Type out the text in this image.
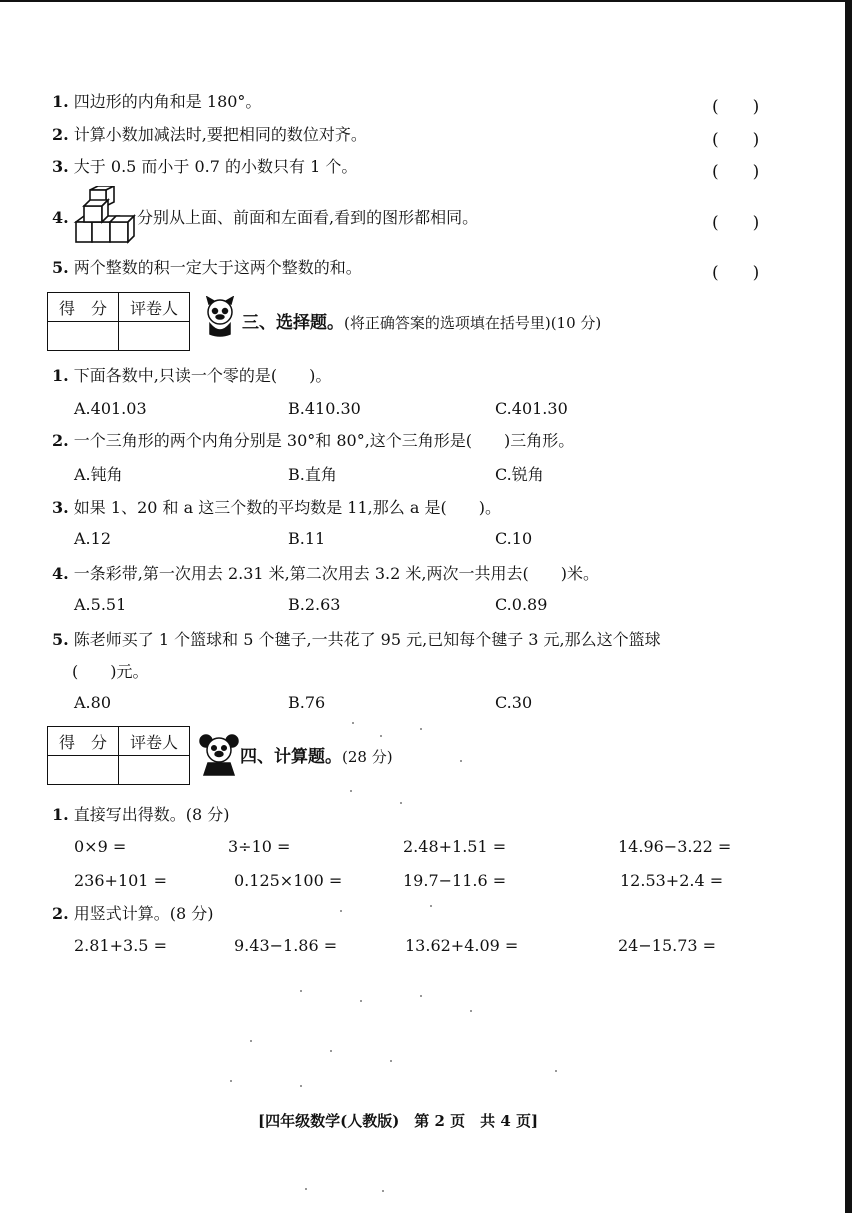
1. 四边形的内角和是 180°。	(　　)
2. 计算小数加减法时,要把相同的数位对齐。	(　　)
3. 大于 0.5 而小于 0.7 的小数只有 1 个。	(　　)
4.	分别从上面、前面和左面看,看到的图形都相同。	(　　)
5. 两个整数的积一定大于这两个整数的和。	(　　)
得　分	评卷人

三、选择题。(将正确答案的选项填在括号里)(10 分)
1. 下面各数中,只读一个零的是(　　)。
A.401.03	B.410.30	C.401.30
2. 一个三角形的两个内角分别是 30°和 80°,这个三角形是(　　)三角形。
A.钝角	B.直角	C.锐角
3. 如果 1、20 和 a 这三个数的平均数是 11,那么 a 是(　　)。
A.12	B.11	C.10
4. 一条彩带,第一次用去 2.31 米,第二次用去 3.2 米,两次一共用去(　　)米。
A.5.51	B.2.63	C.0.89
5. 陈老师买了 1 个篮球和 5 个毽子,一共花了 95 元,已知每个毽子 3 元,那么这个篮球
(　　)元。
A.80	B.76	C.30
得　分	评卷人

四、计算题。(28 分)
1. 直接写出得数。(8 分)
0×9 =	3÷10 =	2.48+1.51 =	14.96−3.22 =
236+101 =	0.125×100 =	19.7−11.6 =	12.53+2.4 =
2. 用竖式计算。(8 分)
2.81+3.5 =	9.43−1.86 =	13.62+4.09 =	24−15.73 =
[四年级数学(人教版)　第 2 页　共 4 页]
